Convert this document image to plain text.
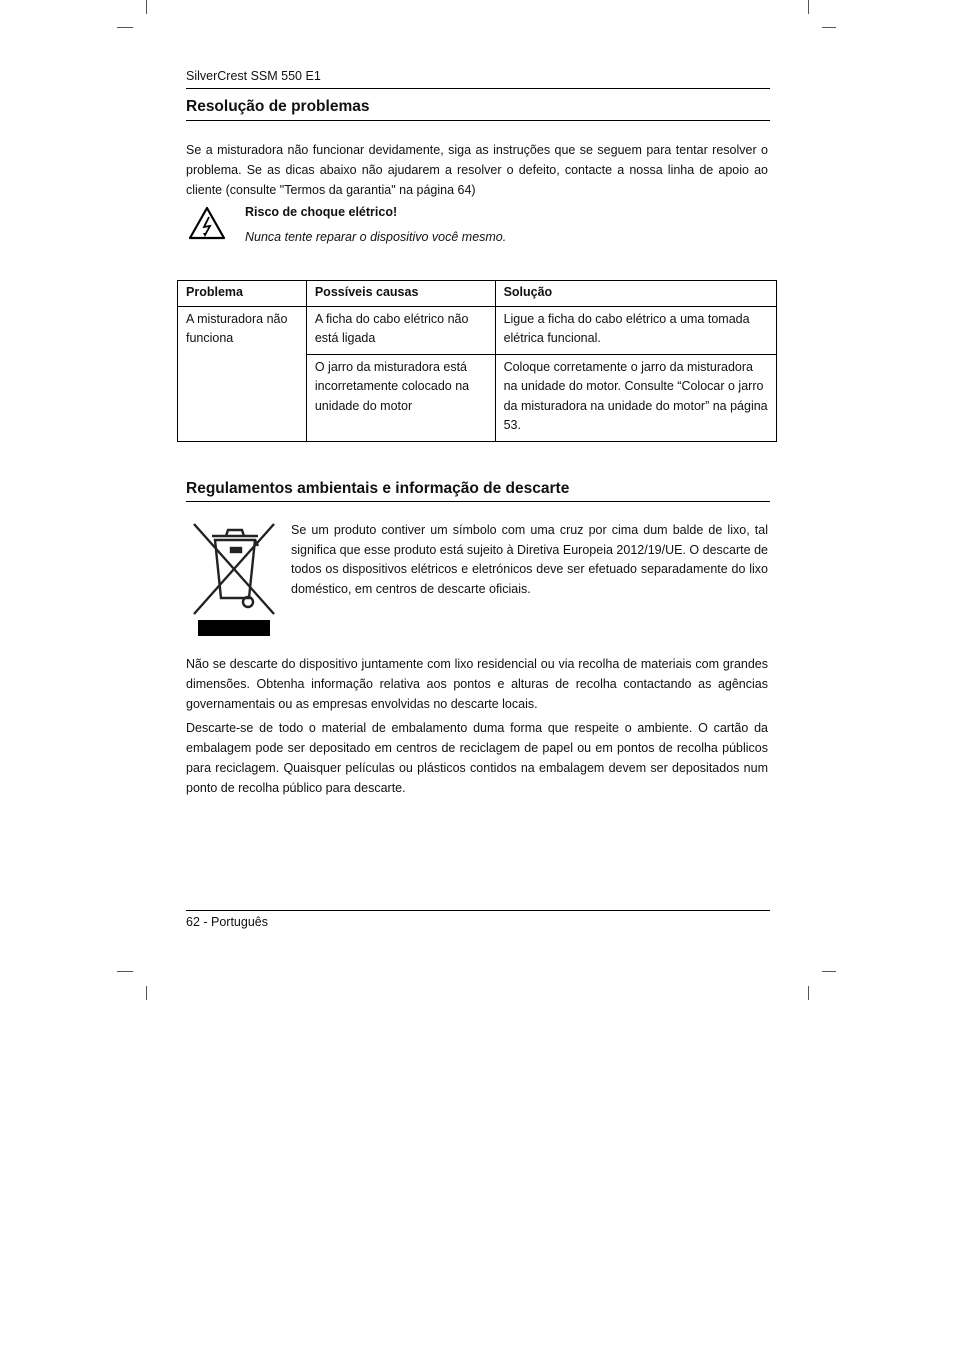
SilverCrest SSM 550 E1
Resolução de problemas

Se a misturadora não funcionar devidamente, siga as instruções que se seguem para tentar resolver o problema. Se as dicas abaixo não ajudarem a resolver o defeito, contacte a nossa linha de apoio ao cliente (consulte "Termos da garantia" na página 64)

Regulamentos ambientais e informação de descarte

Não se descarte do dispositivo juntamente com lixo residencial ou via recolha de materiais com grandes dimensões. Obtenha informação relativa aos pontos e alturas de recolha contactando as agências governamentais ou as empresas envolvidas no descarte locais.

Descarte-se de todo o material de embalamento duma forma que respeite o ambiente. O cartão da embalagem pode ser depositado em centros de reciclagem de papel ou em pontos de recolha públicos para reciclagem. Quaisquer películas ou plásticos contidos na embalagem devem ser depositados num ponto de recolha público para descarte.

62 - Português
Risco de choque elétrico!
Nunca tente reparar o dispositivo você mesmo.
Problema	Possíveis causas	Solução
A misturadora não funciona	A ficha do cabo elétrico não está ligada	Ligue a ficha do cabo elétrico a uma tomada elétrica funcional.
	O jarro da misturadora está incorretamente colocado na unidade do motor	Coloque corretamente o jarro da misturadora na unidade do motor. Consulte “Colocar o jarro da misturadora na unidade do motor” na página 53.

Se um produto contiver um símbolo com uma cruz por cima dum balde de lixo, tal significa que esse produto está sujeito à Diretiva Europeia 2012/19/UE. O descarte de todos os dispositivos elétricos e eletrónicos deve ser efetuado separadamente do lixo doméstico, em centros de descarte oficiais.
